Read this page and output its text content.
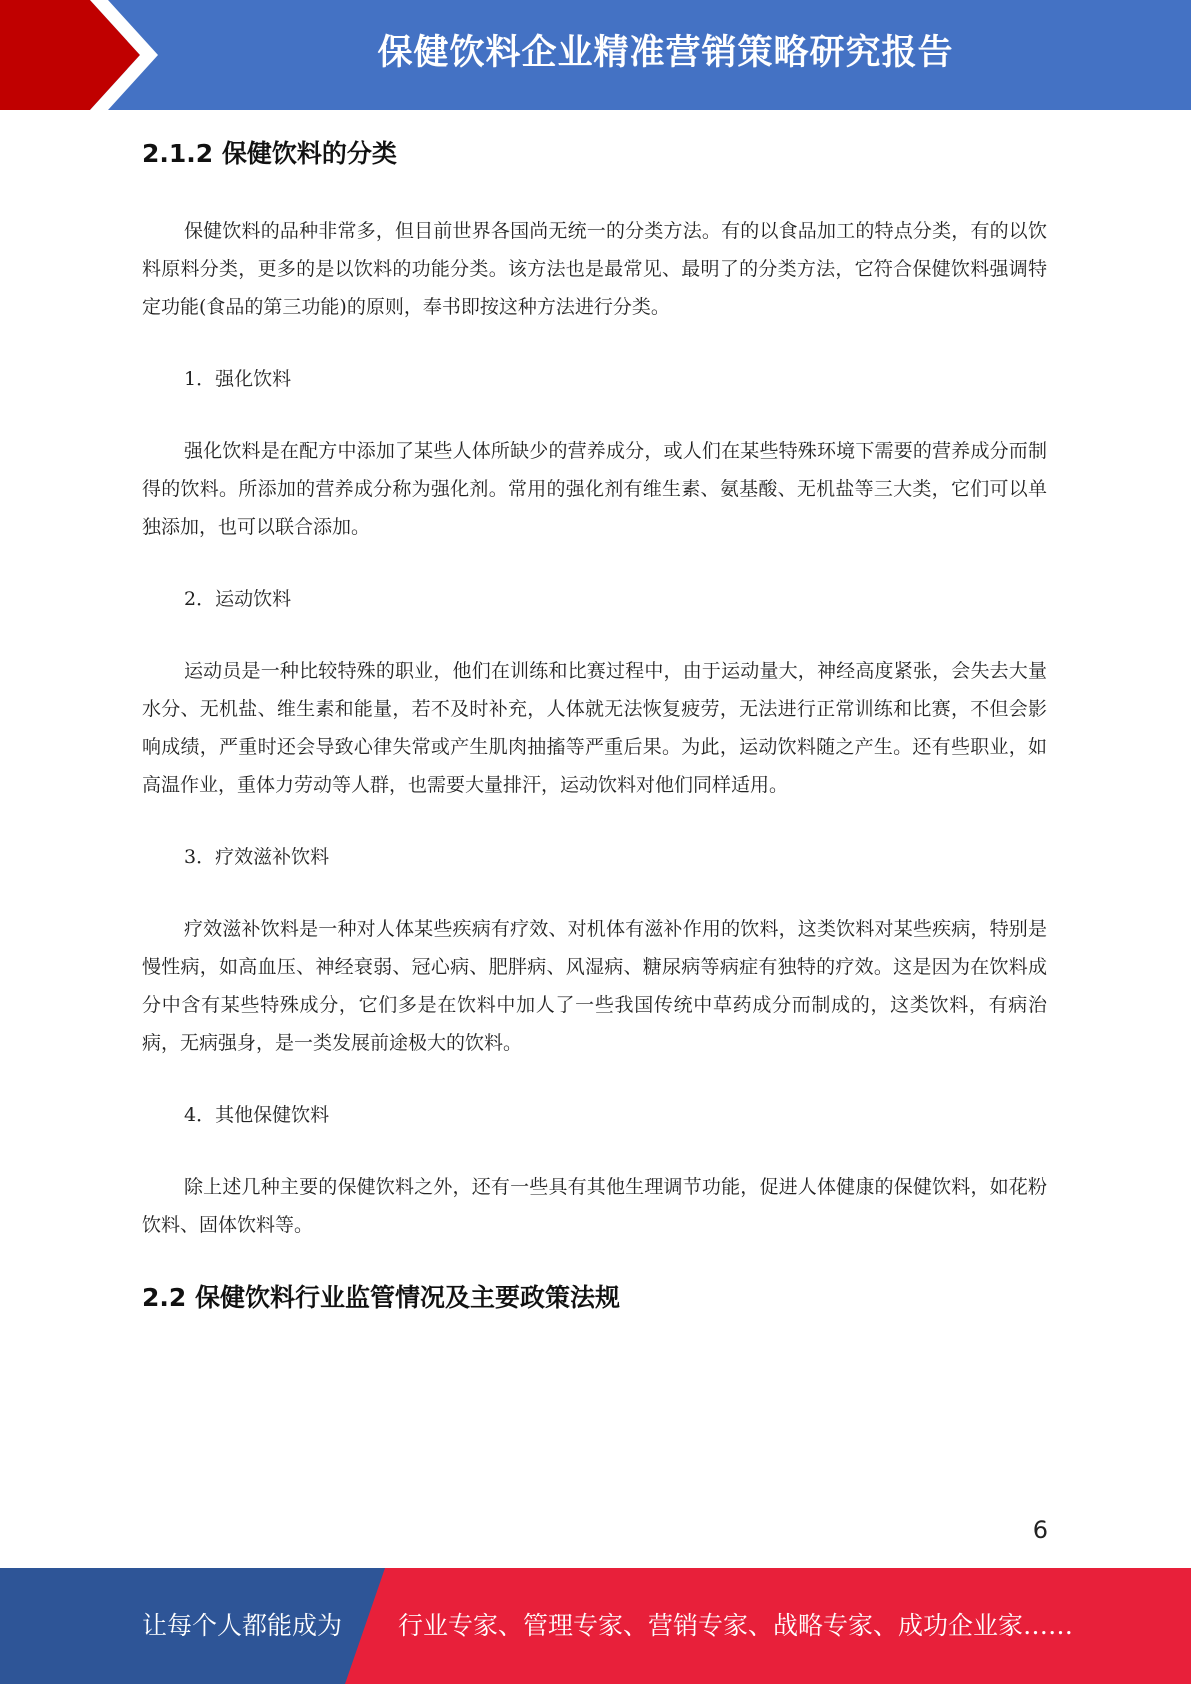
保健饮料企业精准营销策略研究报告
2.1.2 保健饮料的分类

保健饮料的品种非常多，但目前世界各国尚无统一的分类方法。有的以食品加工的特点分类，有的以饮料原料分类，更多的是以饮料的功能分类。该方法也是最常见、最明了的分类方法，它符合保健饮料强调特定功能(食品的第三功能)的原则，奉书即按这种方法进行分类。

1．强化饮料

强化饮料是在配方中添加了某些人体所缺少的营养成分，或人们在某些特殊环境下需要的营养成分而制得的饮料。所添加的营养成分称为强化剂。常用的强化剂有维生素、氨基酸、无机盐等三大类，它们可以单独添加，也可以联合添加。

2．运动饮料

运动员是一种比较特殊的职业，他们在训练和比赛过程中，由于运动量大，神经高度紧张，会失去大量水分、无机盐、维生素和能量，若不及时补充，人体就无法恢复疲劳，无法进行正常训练和比赛，不但会影响成绩，严重时还会导致心律失常或产生肌肉抽搐等严重后果。为此，运动饮料随之产生。还有些职业，如高温作业，重体力劳动等人群，也需要大量排汗，运动饮料对他们同样适用。

3．疗效滋补饮料

疗效滋补饮料是一种对人体某些疾病有疗效、对机体有滋补作用的饮料，这类饮料对某些疾病，特别是慢性病，如高血压、神经衰弱、冠心病、肥胖病、风湿病、糖尿病等病症有独特的疗效。这是因为在饮料成分中含有某些特殊成分，它们多是在饮料中加人了一些我国传统中草药成分而制成的，这类饮料，有病治病，无病强身，是一类发展前途极大的饮料。

4．其他保健饮料

除上述几种主要的保健饮料之外，还有一些具有其他生理调节功能，促进人体健康的保健饮料，如花粉饮料、固体饮料等。

2.2 保健饮料行业监管情况及主要政策法规
6
让每个人都能成为 行业专家、管理专家、营销专家、战略专家、成功企业家……
